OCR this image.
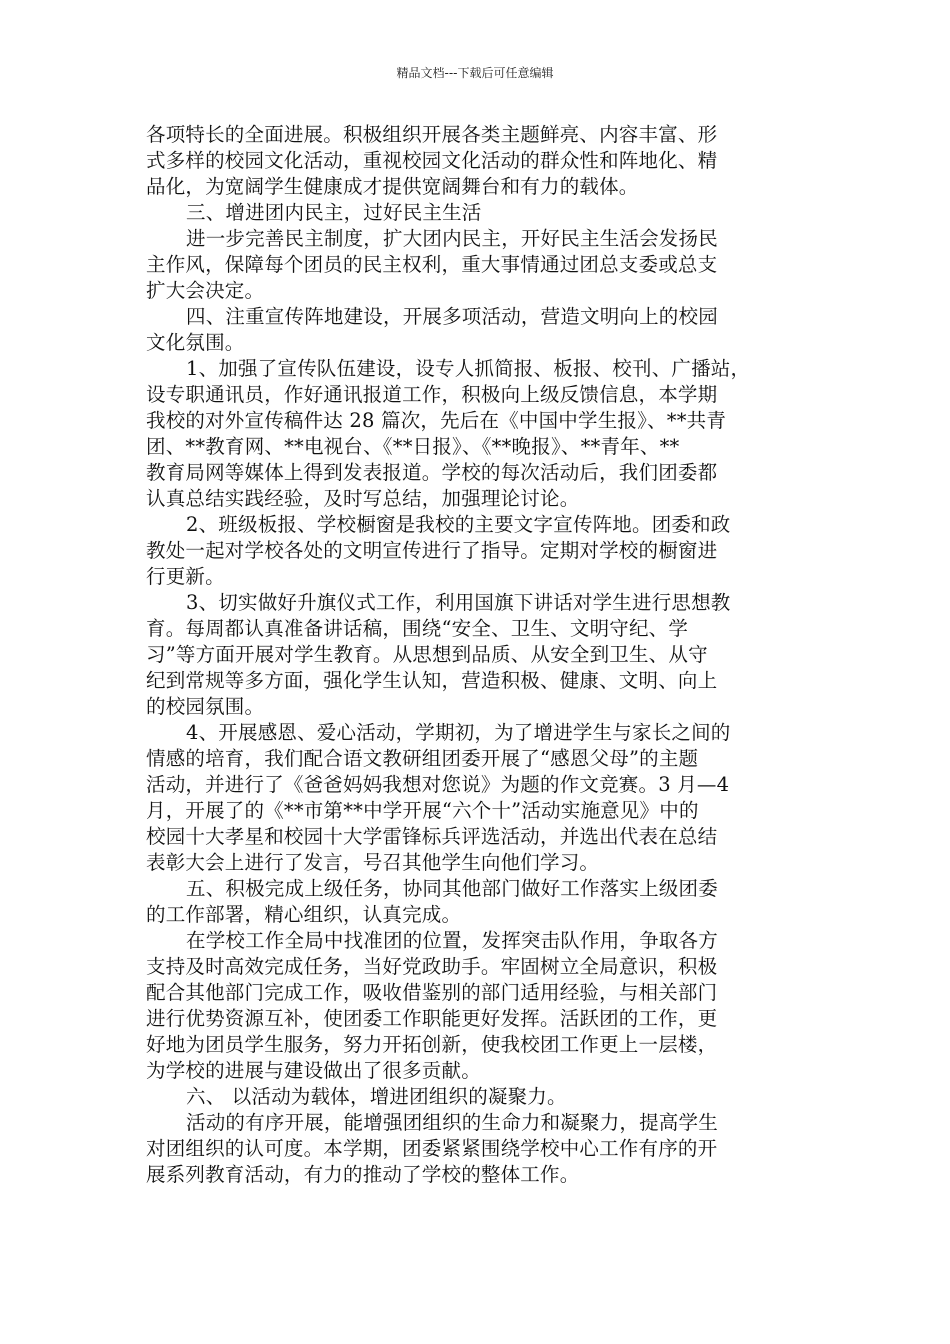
精品文档---下载后可任意编辑
各项特长的全面进展。积极组织开展各类主题鲜亮、内容丰富、形
式多样的校园文化活动，重视校园文化活动的群众性和阵地化、精
品化，为宽阔学生健康成才提供宽阔舞台和有力的载体。
三、增进团内民主，过好民主生活
进一步完善民主制度，扩大团内民主，开好民主生活会发扬民
主作风，保障每个团员的民主权利，重大事情通过团总支委或总支
扩大会决定。
四、注重宣传阵地建设，开展多项活动，营造文明向上的校园
文化氛围。
1、加强了宣传队伍建设，设专人抓简报、板报、校刊、广播站，
设专职通讯员，作好通讯报道工作，积极向上级反馈信息，本学期
我校的对外宣传稿件达 28 篇次，先后在《中国中学生报》、**共青
团、**教育网、**电视台、《**日报》、《**晚报》、**青年、**
教育局网等媒体上得到发表报道。学校的每次活动后，我们团委都
认真总结实践经验，及时写总结，加强理论讨论。
2、班级板报、学校橱窗是我校的主要文字宣传阵地。团委和政
教处一起对学校各处的文明宣传进行了指导。定期对学校的橱窗进
行更新。
3、切实做好升旗仪式工作，利用国旗下讲话对学生进行思想教
育。每周都认真准备讲话稿，围绕“安全、卫生、文明守纪、学
习”等方面开展对学生教育。从思想到品质、从安全到卫生、从守
纪到常规等多方面，强化学生认知，营造积极、健康、文明、向上
的校园氛围。
4、开展感恩、爱心活动，学期初，为了增进学生与家长之间的
情感的培育，我们配合语文教研组团委开展了“感恩父母”的主题
活动，并进行了《爸爸妈妈我想对您说》为题的作文竞赛。3 月—4
月，开展了的《**市第**中学开展“六个十”活动实施意见》中的
校园十大孝星和校园十大学雷锋标兵评选活动，并选出代表在总结
表彰大会上进行了发言，号召其他学生向他们学习。
五、积极完成上级任务，协同其他部门做好工作落实上级团委
的工作部署，精心组织，认真完成。
在学校工作全局中找准团的位置，发挥突击队作用，争取各方
支持及时高效完成任务，当好党政助手。牢固树立全局意识，积极
配合其他部门完成工作，吸收借鉴别的部门适用经验，与相关部门
进行优势资源互补，使团委工作职能更好发挥。活跃团的工作，更
好地为团员学生服务，努力开拓创新，使我校团工作更上一层楼，
为学校的进展与建设做出了很多贡献。
六、 以活动为载体，增进团组织的凝聚力。
活动的有序开展，能增强团组织的生命力和凝聚力，提高学生
对团组织的认可度。本学期，团委紧紧围绕学校中心工作有序的开
展系列教育活动，有力的推动了学校的整体工作。
